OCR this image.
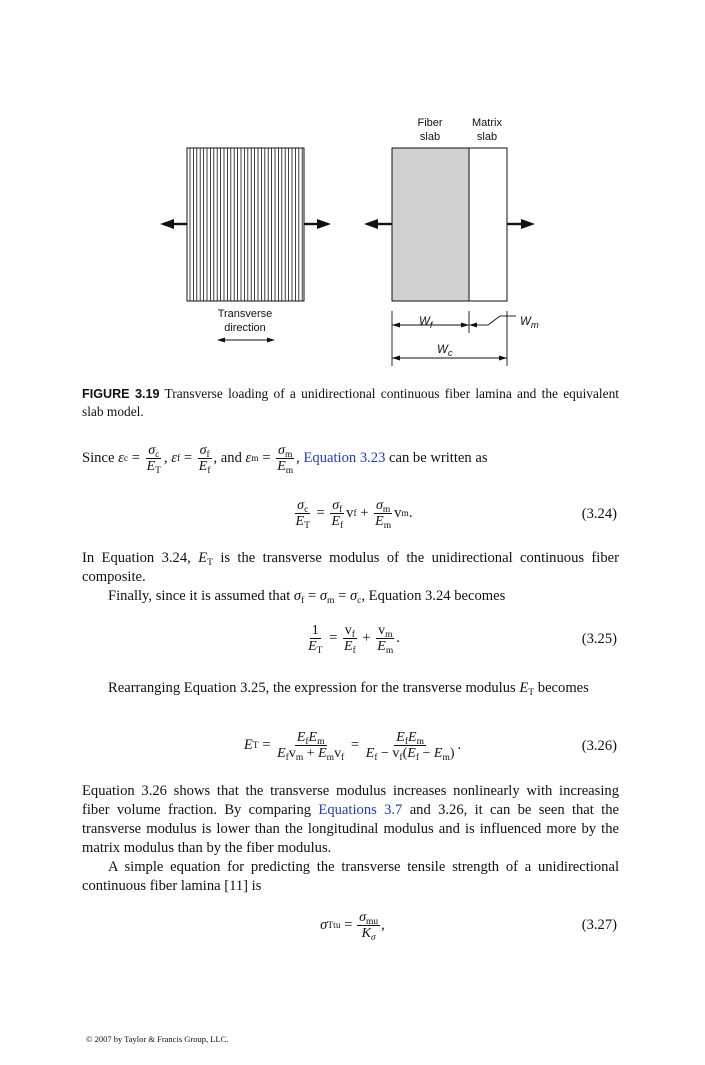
Fiber
slab
Matrix
slab
Transverse
direction	$W_f$	$W_m$
$W_c$
FIGURE 3.19 Transverse loading of a unidirectional continuous fiber lamina and the equivalent slab model.
Since
ε $c = \frac{\sigma_c}{E_T}$ ,
ε $f = \frac{\sigma_f}{E_f}$ , and
ε $m = \frac{\sigma_m}{E_m}$ ,
Equation 3.23
can be written as
$\frac{\sigma_c}{E_T} = \frac{\sigma_f}{E_f}$ v $f + \frac{\sigma_m}{E_m}$ v m .	(3.24)
In Equation 3.24, $E_T$ is the transverse modulus of the unidirectional continuous fiber composite.
Finally, since it is assumed that $\sigma_f = \sigma_m = \sigma_c$, Equation 3.24 becomes
$\frac{1}{E_T} = \frac{v_f}{E_f} + \frac{v_m}{E_m}$ .	(3.25)
Rearranging Equation 3.25, the expression for the transverse modulus $E_T$ becomes
E $T = \frac{E_fE_m}{E_fv_m + E_mv_f} = \frac{E_fE_m}{E_f - v_f(E_f - E_m)}$ .	(3.26)
Equation 3.26 shows that the transverse modulus increases nonlinearly with increasing fiber volume fraction. By comparing Equations 3.7 and 3.26, it can be seen that the transverse modulus is lower than the longitudinal modulus and is influenced more by the matrix modulus than by the fiber modulus.
A simple equation for predicting the transverse tensile strength of a unidirectional continuous fiber lamina [11] is
σ Ttu = $\frac{\sigma_{mu}}{K_\sigma}$ ,	(3.27)
© 2007 by Taylor & Francis Group, LLC.
